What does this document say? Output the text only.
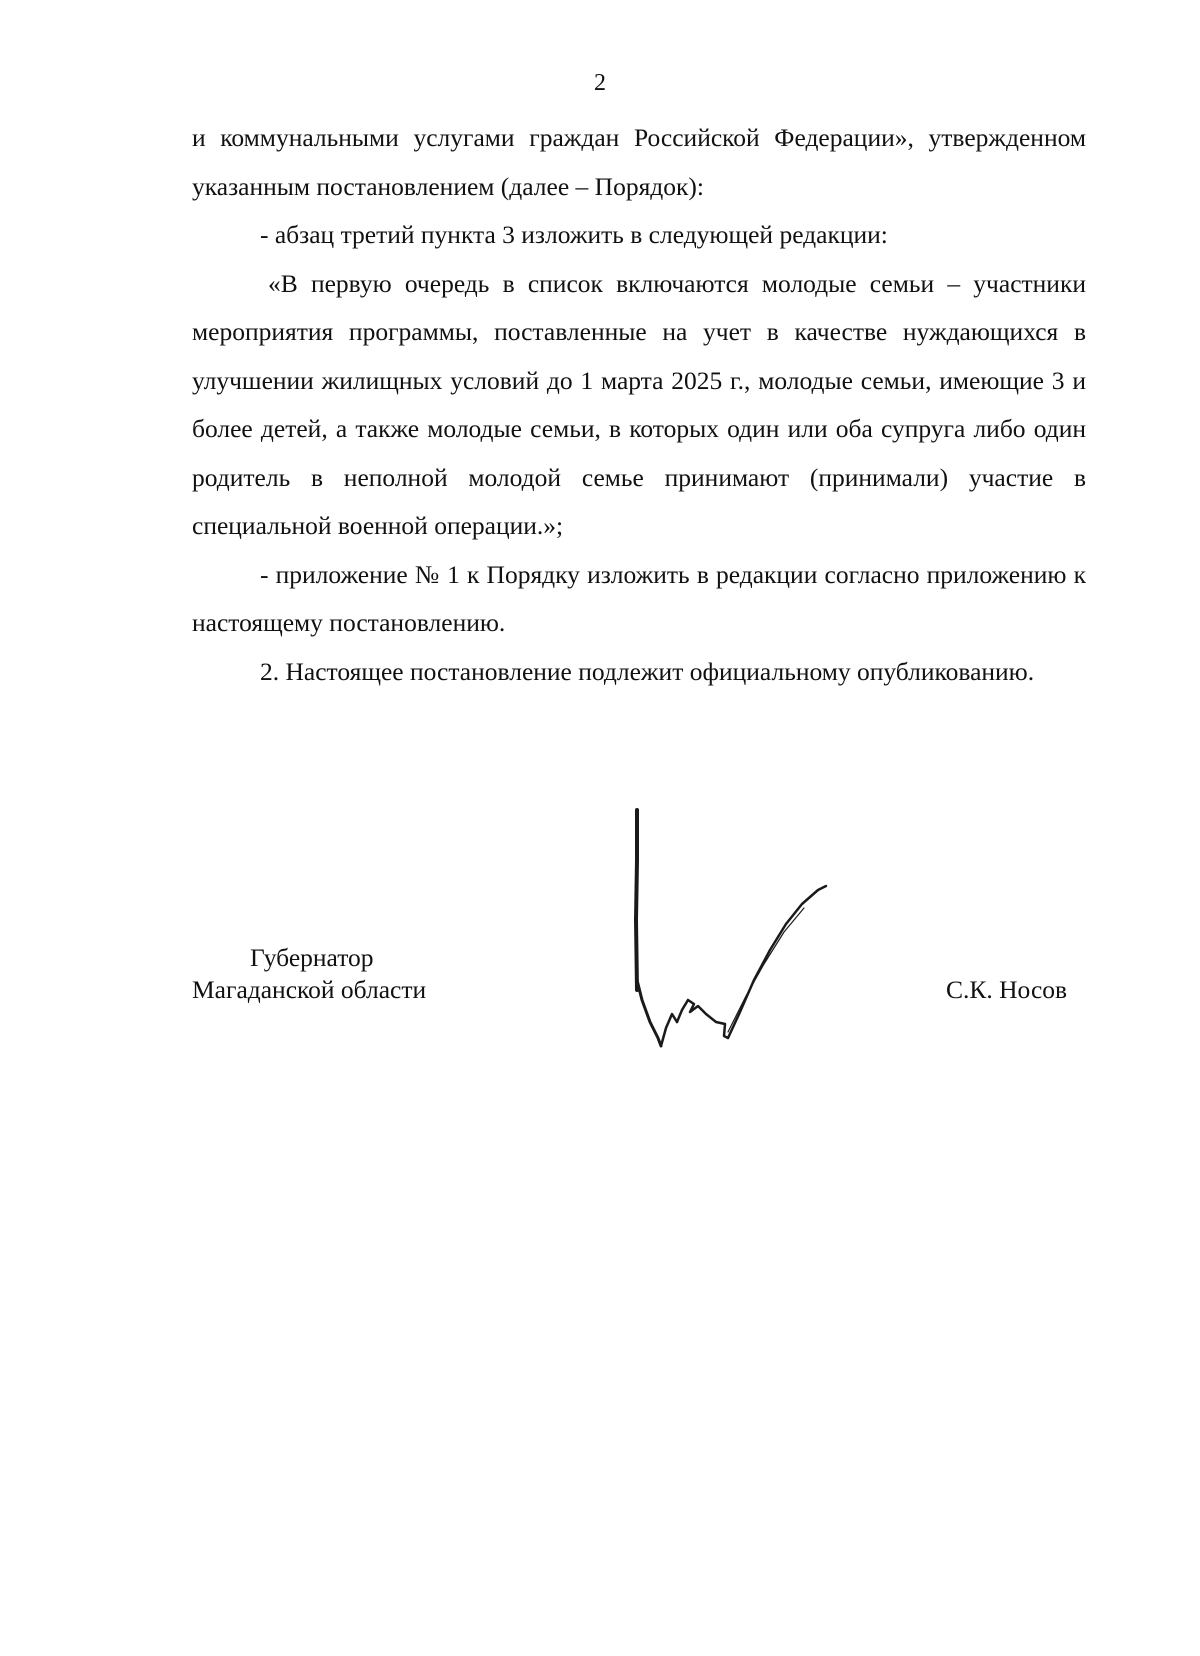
2

и коммунальными услугами граждан Российской Федерации», утвержденном указанным постановлением (далее – Порядок):

- абзац третий пункта 3 изложить в следующей редакции:

«В первую очередь в список включаются молодые семьи – участники мероприятия программы, поставленные на учет в качестве нуждающихся в улучшении жилищных условий до 1 марта 2025 г., молодые семьи, имеющие 3 и более детей, а также молодые семьи, в которых один или оба супруга либо один родитель в неполной молодой семье принимают (принимали) участие в специальной военной операции.»;

- приложение № 1 к Порядку изложить в редакции согласно приложению к настоящему постановлению.

2. Настоящее постановление подлежит официальному опубликованию.

Губернатор
Магаданской области	С.К. Носов
